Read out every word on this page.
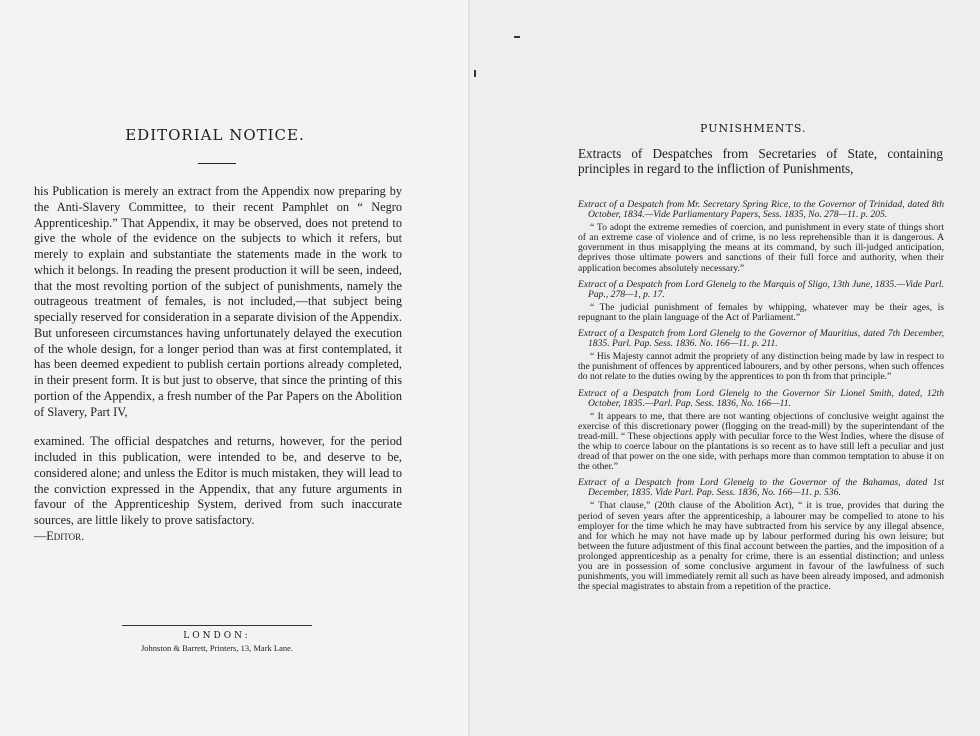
EDITORIAL NOTICE.

his Publication is merely an extract from the Appendix now preparing by the Anti-Slavery Committee, to their recent Pamphlet on “ Negro Apprenticeship.” That Appendix, it may be observed, does not pretend to give the whole of the evidence on the subjects to which it refers, but merely to explain and substantiate the statements made in the work to which it belongs. In reading the present production it will be seen, indeed, that the most revolting portion of the subject of punishments, namely the outrageous treatment of females, is not included,—that subject being specially reserved for consideration in a separate division of the Appendix. But unforeseen circumstances having unfortunately delayed the execution of the whole design, for a longer period than was at first contemplated, it has been deemed expedient to publish certain portions already completed, in their present form. It is but just to observe, that since the printing of this portion of the Appendix, a fresh number of the Par Papers on the Abolition of Slavery, Part IV,

examined. The official despatches and returns, however, for the period included in this publication, were intended to be, and deserve to be, considered alone; and unless the Editor is much mistaken, they will lead to the conviction expressed in the Appendix, that any future arguments in favour of the Apprenticeship System, derived from such inaccurate sources, are little likely to prove satisfactory.

—Editor.

LONDON:
Johnston & Barrett, Printers, 13, Mark Lane.
PUNISHMENTS.
Extracts of Despatches from Secretaries of State, containing principles in regard to the infliction of Punishments,

Extract of a Despatch from Mr. Secretary Spring Rice, to the Governor of Trinidad, dated 8th October, 1834.—Vide Parliamentary Papers, Sess. 1835, No. 278—11. p. 205.

“ To adopt the extreme remedies of coercion, and punishment in every state of things short of an extreme case of violence and of crime, is no less reprehensible than it is dangerous. A government in thus misapplying the means at its command, by such ill-judged anticipation, deprives those ultimate powers and sanctions of their full force and authority, when their application becomes absolutely necessary.”

Extract of a Despatch from Lord Glenelg to the Marquis of Sligo, 13th June, 1835.—Vide Parl. Pap., 278—1, p. 17.

“ The judicial punishment of females by whipping, whatever may be their ages, is repugnant to the plain language of the Act of Parliament.”

Extract of a Despatch from Lord Glenelg to the Governor of Mauritius, dated 7th December, 1835. Parl. Pap. Sess. 1836. No. 166—11. p. 211.

“ His Majesty cannot admit the propriety of any distinction being made by law in respect to the punishment of offences by apprenticed labourers, and by other persons, when such offences do not relate to the duties owing by the apprentices to pon th from that principle.”

Extract of a Despatch from Lord Glenelg to the Governor Sir Lionel Smith, dated, 12th October, 1835.—Parl. Pap. Sess. 1836, No. 166—11.

“ It appears to me, that there are not wanting objections of conclusive weight against the exercise of this discretionary power (flogging on the tread-mill) by the superintendant of the tread-mill. “ These objections apply with peculiar force to the West Indies, where the disuse of the whip to coerce labour on the plantations is so recent as to have still left a peculiar and just dread of that power on the one side, with perhaps more than common temptation to abuse it on the other.”

Extract of a Despatch from Lord Glenelg to the Governor of the Bahamas, dated 1st December, 1835. Vide Parl. Pap. Sess. 1836, No. 166—11. p. 536.

“ That clause,” (20th clause of the Abolition Act), “ it is true, provides that during the period of seven years after the apprenticeship, a labourer may be compelled to atone to his employer for the time which he may have subtracted from his service by any illegal absence, and for which he may not have made up by labour performed during his own leisure; but between the future adjustment of this final account between the parties, and the imposition of a prolonged apprenticeship as a penalty for crime, there is an essential distinction; and unless you are in possession of some conclusive argument in favour of the lawfulness of such punishments, you will immediately remit all such as have been already imposed, and admonish the special magistrates to abstain from a repetition of the practice.
